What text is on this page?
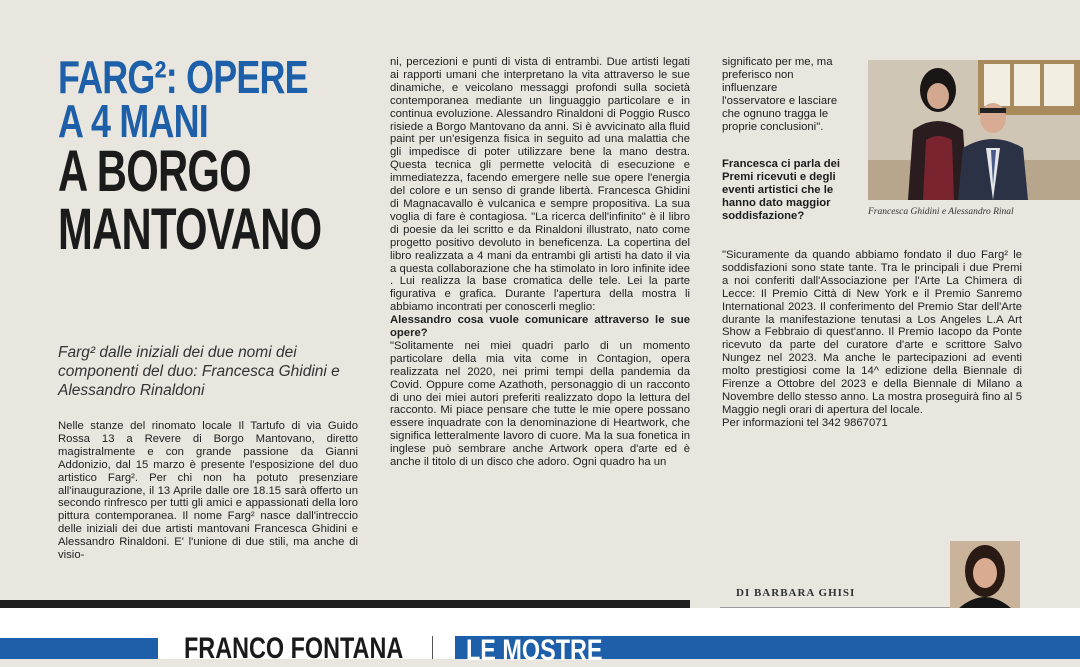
FARG²: OPERE
A 4 MANI
A BORGO
MANTOVANO
Farg² dalle iniziali dei due nomi dei componenti del duo: Francesca Ghidini e Alessandro Rinaldoni
Nelle stanze del rinomato locale Il Tartufo di via Guido Rossa 13 a Revere di Borgo Mantovano, diretto magistralmente e con grande passione da Gianni Addonizio, dal 15 marzo è presente l'esposizione del duo artistico Farg². Per chi non ha potuto presenziare all'inaugurazione, il 13 Aprile dalle ore 18.15 sarà offerto un secondo rinfresco per tutti gli amici e appassionati della loro pittura contemporanea. Il nome Farg² nasce dall'intreccio delle iniziali dei due artisti mantovani Francesca Ghidini e Alessandro Rinaldoni. E' l'unione di due stili, ma anche di visio-
ni, percezioni e punti di vista di entrambi. Due artisti legati ai rapporti umani che interpretano la vita attraverso le sue dinamiche, e veicolano messaggi profondi sulla società contemporanea mediante un linguaggio particolare e in continua evoluzione. Alessandro Rinaldoni di Poggio Rusco risiede a Borgo Mantovano da anni. Si è avvicinato alla fluid paint per un'esigenza fisica in seguito ad una malattia che gli impedisce di poter utilizzare bene la mano destra. Questa tecnica gli permette velocità di esecuzione e immediatezza, facendo emergere nelle sue opere l'energia del colore e un senso di grande libertà. Francesca Ghidini di Magnacavallo è vulcanica e sempre propositiva. La sua voglia di fare è contagiosa. "La ricerca dell'infinito" è il libro di poesie da lei scritto e da Rinaldoni illustrato, nato come progetto positivo devoluto in beneficenza. La copertina del libro realizzata a 4 mani da entrambi gli artisti ha dato il via a questa collaborazione che ha stimolato in loro infinite idee . Lui realizza la base cromatica delle tele. Lei la parte figurativa e grafica. Durante l'apertura della mostra li abbiamo incontrati per conoscerli meglio:
Alessandro cosa vuole comunicare attraverso le sue opere?
"Solitamente nei miei quadri parlo di un momento particolare della mia vita come in Contagion, opera realizzata nel 2020, nei primi tempi della pandemia da Covid. Oppure come Azathoth, personaggio di un racconto di uno dei miei autori preferiti realizzato dopo la lettura del racconto. Mi piace pensare che tutte le mie opere possano essere inquadrate con la denominazione di Heartwork, che significa letteralmente lavoro di cuore. Ma la sua fonetica in inglese può sembrare anche Artwork opera d'arte ed è anche il titolo di un disco che adoro. Ogni quadro ha un
significato per me, ma preferisco non influenzare l'osservatore e lasciare che ognuno tragga le proprie conclusioni".
Francesca ci parla dei Premi ricevuti e degli eventi artistici che le hanno dato maggior soddisfazione?
"Sicuramente da quando abbiamo fondato il duo Farg² le soddisfazioni sono state tante. Tra le principali i due Premi a noi conferiti dall'Associazione per l'Arte La Chimera di Lecce: Il Premio Città di New York e il Premio Sanremo International 2023. Il conferimento del Premio Star dell'Arte durante la manifestazione tenutasi a Los Angeles L.A Art Show a Febbraio di quest'anno. Il Premio Iacopo da Ponte ricevuto da parte del curatore d'arte e scrittore Salvo Nungez nel 2023. Ma anche le partecipazioni ad eventi molto prestigiosi come la 14^ edizione della Biennale di Firenze a Ottobre del 2023 e della Biennale di Milano a Novembre dello stesso anno. La mostra proseguirà fino al 5 Maggio negli orari di apertura del locale.
Per informazioni tel 342 9867071
Francesca Ghidini e Alessandro Rinal
DI BARBARA GHISI
FRANCO FONTANA LE MOSTRE
